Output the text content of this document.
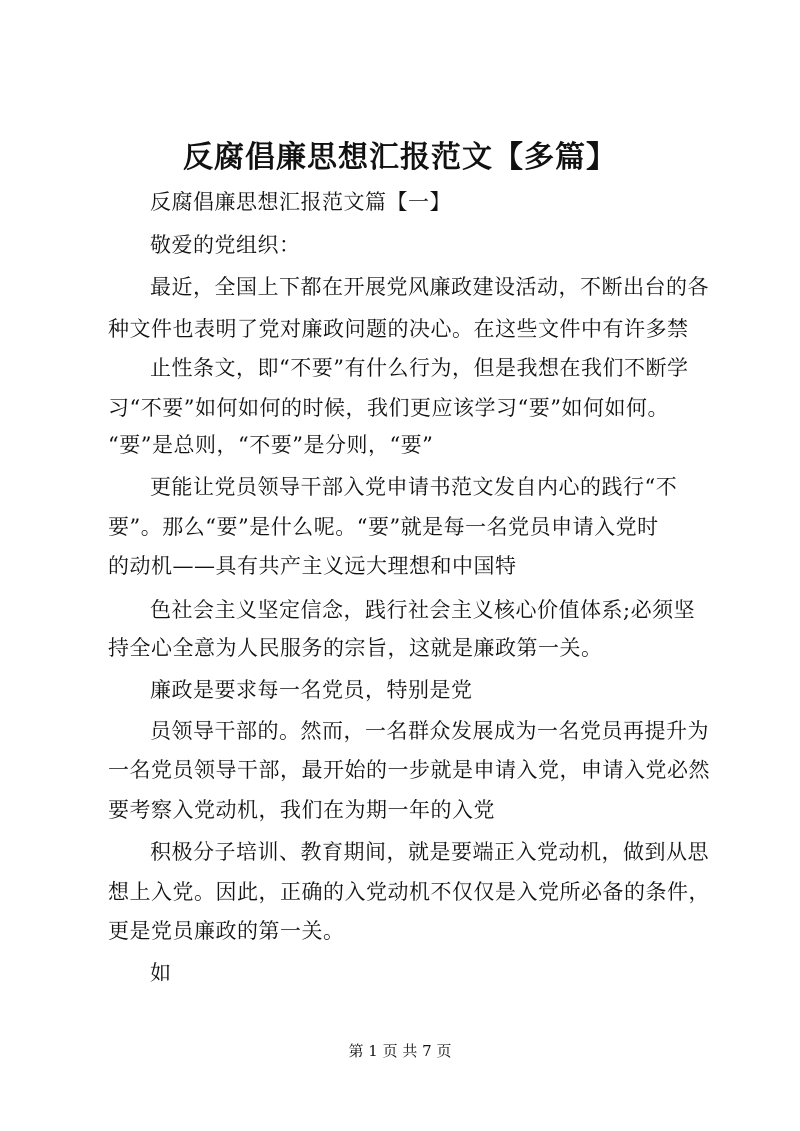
反腐倡廉思想汇报范文【多篇】
反腐倡廉思想汇报范文篇【一】
敬爱的党组织：
最近，全国上下都在开展党风廉政建设活动，不断出台的各
种文件也表明了党对廉政问题的决心。在这些文件中有许多禁
止性条文，即“不要”有什么行为，但是我想在我们不断学
习“不要”如何如何的时候，我们更应该学习“要”如何如何。
“要”是总则，“不要”是分则，“要”
更能让党员领导干部入党申请书范文发自内心的践行“不
要”。那么“要”是什么呢。“要”就是每一名党员申请入党时
的动机——具有共产主义远大理想和中国特
色社会主义坚定信念，践行社会主义核心价值体系;必须坚
持全心全意为人民服务的宗旨，这就是廉政第一关。
廉政是要求每一名党员，特别是党
员领导干部的。然而，一名群众发展成为一名党员再提升为
一名党员领导干部，最开始的一步就是申请入党，申请入党必然
要考察入党动机，我们在为期一年的入党
积极分子培训、教育期间，就是要端正入党动机，做到从思
想上入党。因此，正确的入党动机不仅仅是入党所必备的条件，
更是党员廉政的第一关。
如
第 1 页 共 7 页
